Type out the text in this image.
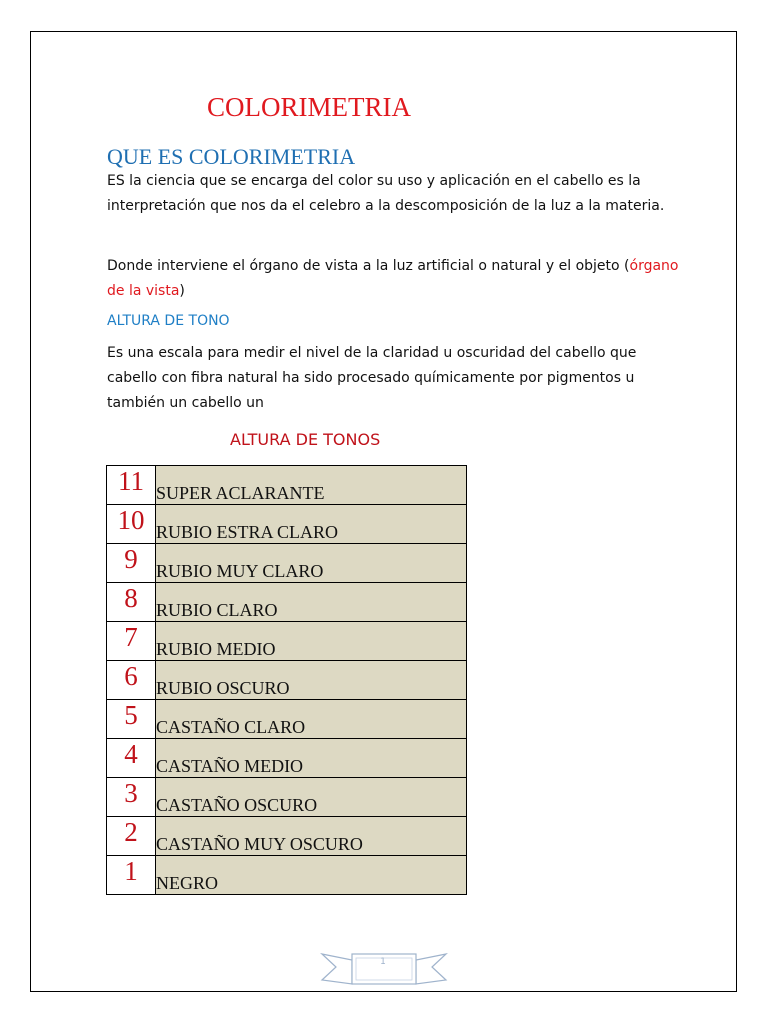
COLORIMETRIA
QUE ES COLORIMETRIA

ES la ciencia que se encarga del color su uso y aplicación en el cabello es la interpretación que nos da el celebro a la descomposición de la luz a la materia.

Donde interviene el órgano de vista a la luz artificial o natural y el objeto (órgano de la vista)

ALTURA DE TONO

Es una escala para medir el nivel de la claridad u oscuridad del cabello que cabello con fibra natural ha sido procesado químicamente por pigmentos u también un cabello un

ALTURA DE TONOS
11	SUPER ACLARANTE
10	RUBIO ESTRA CLARO
9	RUBIO MUY CLARO
8	RUBIO CLARO
7	RUBIO MEDIO
6	RUBIO OSCURO
5	CASTAÑO CLARO
4	CASTAÑO MEDIO
3	CASTAÑO OSCURO
2	CASTAÑO MUY OSCURO
1	NEGRO
1
